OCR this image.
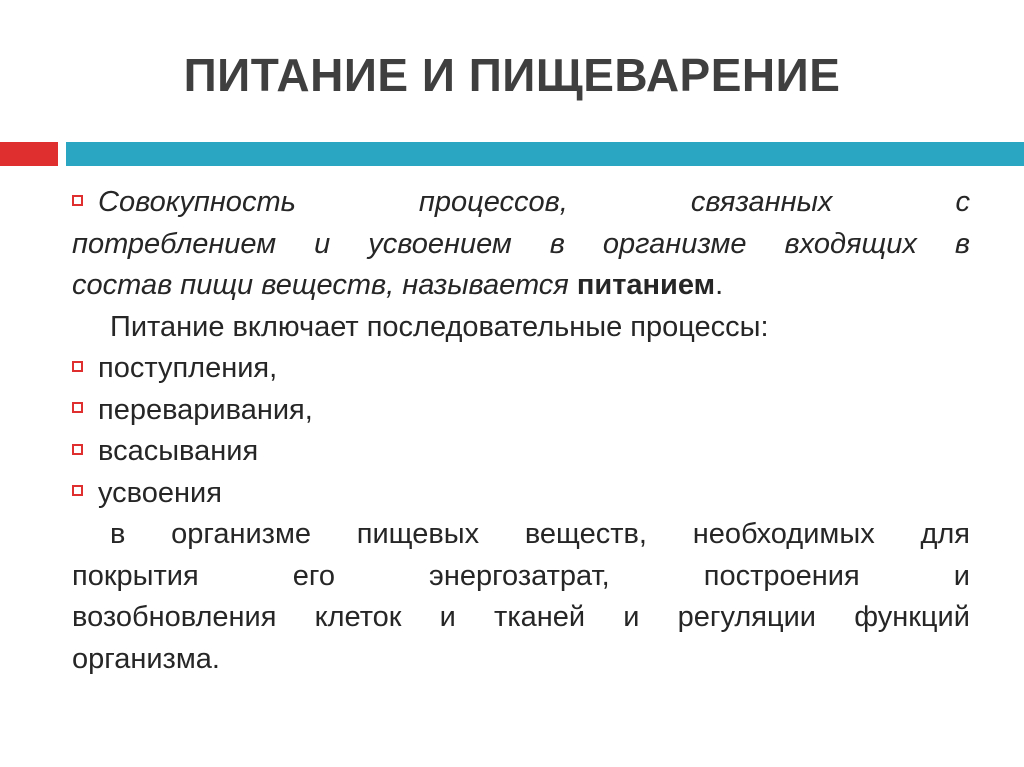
ПИТАНИЕ И ПИЩЕВАРЕНИЕ
Совокупность	процессов,	связанных	с
потреблением и усвоением в организме входящих в
состав пищи веществ, называется питанием.
Питание включает последовательные процессы:
поступления,
переваривания,
всасывания
усвоения
в организме пищевых веществ, необходимых для
покрытия	его	энергозатрат,	построения	и
возобновления клеток и тканей и регуляции функций
организма.
